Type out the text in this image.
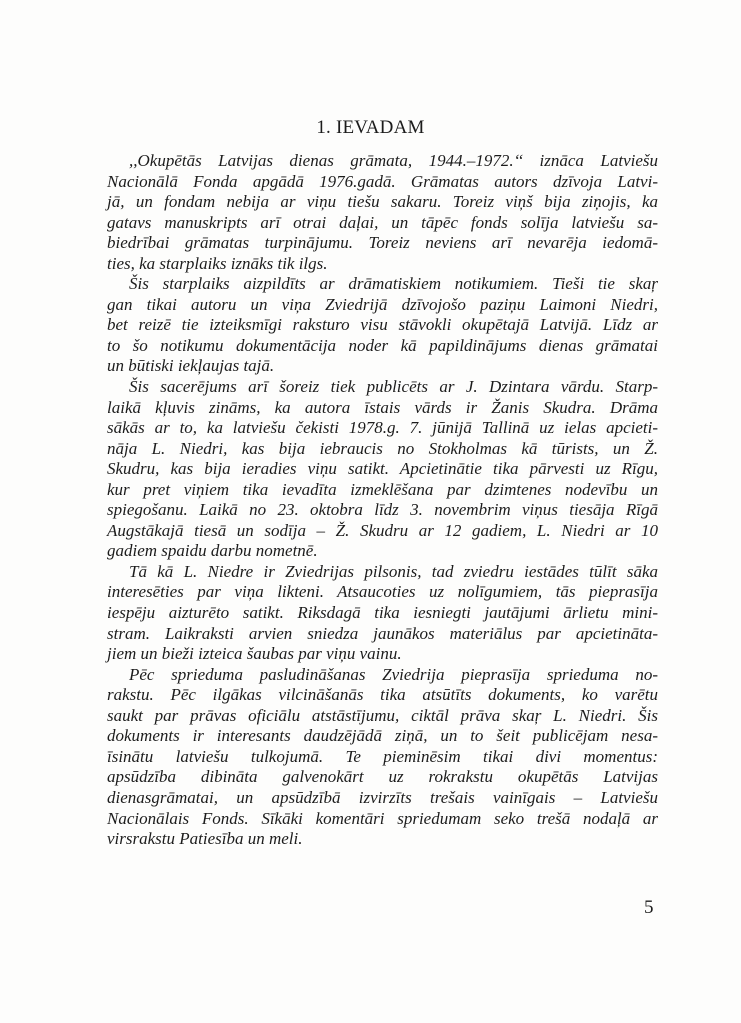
1. IEVADAM
,,Okupētās Latvijas dienas grāmata, 1944.–1972.‘‘ iznāca Latviešu
Nacionālā Fonda apgādā 1976.gadā. Grāmatas autors dzīvoja Latvi-
jā, un fondam nebija ar viņu tiešu sakaru. Toreiz viņš bija ziņojis, ka
gatavs manuskripts arī otrai daļai, un tāpēc fonds solīja latviešu sa-
biedrībai grāmatas turpinājumu. Toreiz neviens arī nevarēja iedomā-
ties, ka starplaiks iznāks tik ilgs.
Šis starplaiks aizpildīts ar drāmatiskiem notikumiem. Tieši tie skaŗ
gan tikai autoru un viņa Zviedrijā dzīvojošo paziņu Laimoni Niedri,
bet reizē tie izteiksmīgi raksturo visu stāvokli okupētajā Latvijā. Līdz ar
to šo notikumu dokumentācija noder kā papildinājums dienas grāmatai
un būtiski iekļaujas tajā.
Šis sacerējums arī šoreiz tiek publicēts ar J. Dzintara vārdu. Starp-
laikā kļuvis zināms, ka autora īstais vārds ir Žanis Skudra. Drāma
sākās ar to, ka latviešu čekisti 1978.g. 7. jūnijā Tallinā uz ielas apcieti-
nāja L. Niedri, kas bija iebraucis no Stokholmas kā tūrists, un Ž.
Skudru, kas bija ieradies viņu satikt. Apcietinātie tika pārvesti uz Rīgu,
kur pret viņiem tika ievadīta izmeklēšana par dzimtenes nodevību un
spiegošanu. Laikā no 23. oktobra līdz 3. novembrim viņus tiesāja Rīgā
Augstākajā tiesā un sodīja – Ž. Skudru ar 12 gadiem, L. Niedri ar 10
gadiem spaidu darbu nometnē.
Tā kā L. Niedre ir Zviedrijas pilsonis, tad zviedru iestādes tūlīt sāka
interesēties par viņa likteni. Atsaucoties uz nolīgumiem, tās pieprasīja
iespēju aizturēto satikt. Riksdagā tika iesniegti jautājumi ārlietu mini-
stram. Laikraksti arvien sniedza jaunākos materiālus par apcietināta-
jiem un bieži izteica šaubas par viņu vainu.
Pēc sprieduma pasludināšanas Zviedrija pieprasīja sprieduma no-
rakstu. Pēc ilgākas vilcināšanās tika atsūtīts dokuments, ko varētu
saukt par prāvas oficiālu atstāstījumu, ciktāl prāva skaŗ L. Niedri. Šis
dokuments ir interesants daudzējādā ziņā, un to šeit publicējam nesa-
īsinātu latviešu tulkojumā. Te pieminēsim tikai divi momentus:
apsūdzība dibināta galvenokārt uz rokrakstu okupētās Latvijas
dienasgrāmatai, un apsūdzībā izvirzīts trešais vainīgais – Latviešu
Nacionālais Fonds. Sīkāki komentāri spriedumam seko trešā nodaļā ar
virsrakstu Patiesība un meli.
5
